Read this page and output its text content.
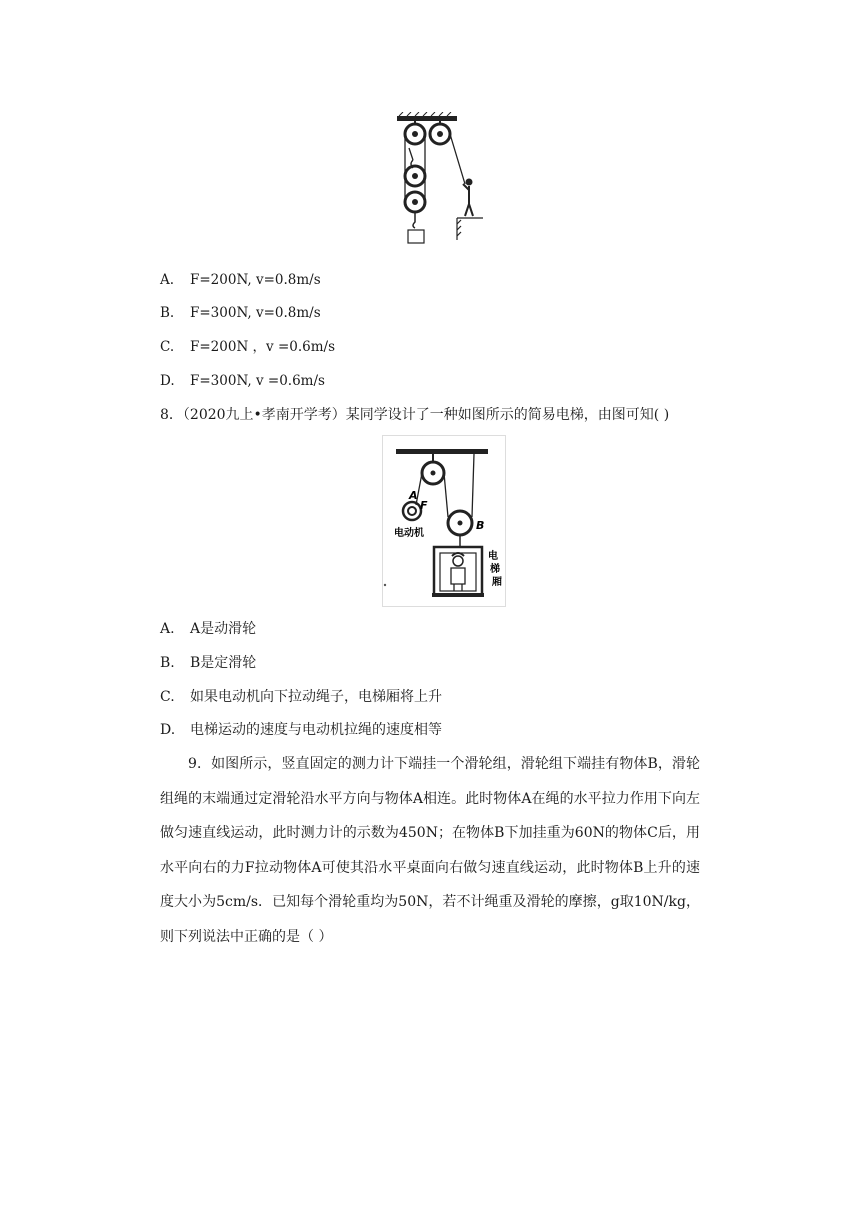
A. F=200N, v=0.8m/s
B. F=300N, v=0.8m/s
C. F=200N ，v =0.6m/s
D. F=300N, v =0.6m/s
8．（2020九上•孝南开学考）某同学设计了一种如图所示的简易电梯，由图可知( )
A
F
电动机
B
电
梯
厢
A. A是动滑轮
B. B是定滑轮
C. 如果电动机向下拉动绳子，电梯厢将上升
D. 电梯运动的速度与电动机拉绳的速度相等
9．如图所示，竖直固定的测力计下端挂一个滑轮组，滑轮组下端挂有物体B，滑轮组绳的末端通过定滑轮沿水平方向与物体A相连。此时物体A在绳的水平拉力作用下向左做匀速直线运动，此时测力计的示数为450N；在物体B下加挂重为60N的物体C后，用水平向右的力F拉动物体A可使其沿水平桌面向右做匀速直线运动，此时物体B上升的速度大小为5cm/s．已知每个滑轮重均为50N，若不计绳重及滑轮的摩擦，g取10N/kg，则下列说法中正确的是（ ）
